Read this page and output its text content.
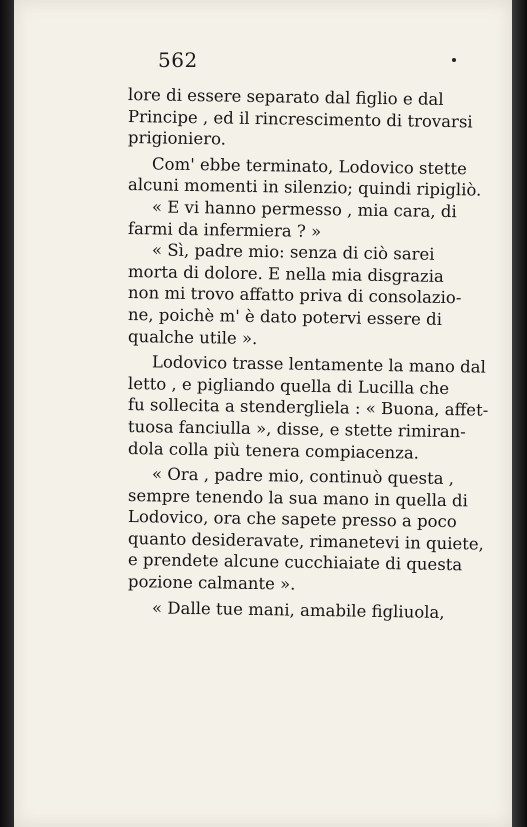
562
lore di essere separato dal figlio e dal
Principe , ed il rincrescimento di trovarsi
prigioniero.
Com' ebbe terminato, Lodovico stette
alcuni momenti in silenzio; quindi ripigliò.
« E vi hanno permesso , mia cara, di
farmi da infermiera ? »
« Sì, padre mio: senza di ciò sarei
morta di dolore. E nella mia disgrazia
non mi trovo affatto priva di consolazio-
ne, poichè m' è dato potervi essere di
qualche utile ».
Lodovico trasse lentamente la mano dal
letto , e pigliando quella di Lucilla che
fu sollecita a stendergliela : « Buona, affet-
tuosa fanciulla », disse, e stette rimiran-
dola colla più tenera compiacenza.
« Ora , padre mio, continuò questa ,
sempre tenendo la sua mano in quella di
Lodovico, ora che sapete presso a poco
quanto desideravate, rimanetevi in quiete,
e prendete alcune cucchiaiate di questa
pozione calmante ».
« Dalle tue mani, amabile figliuola,
